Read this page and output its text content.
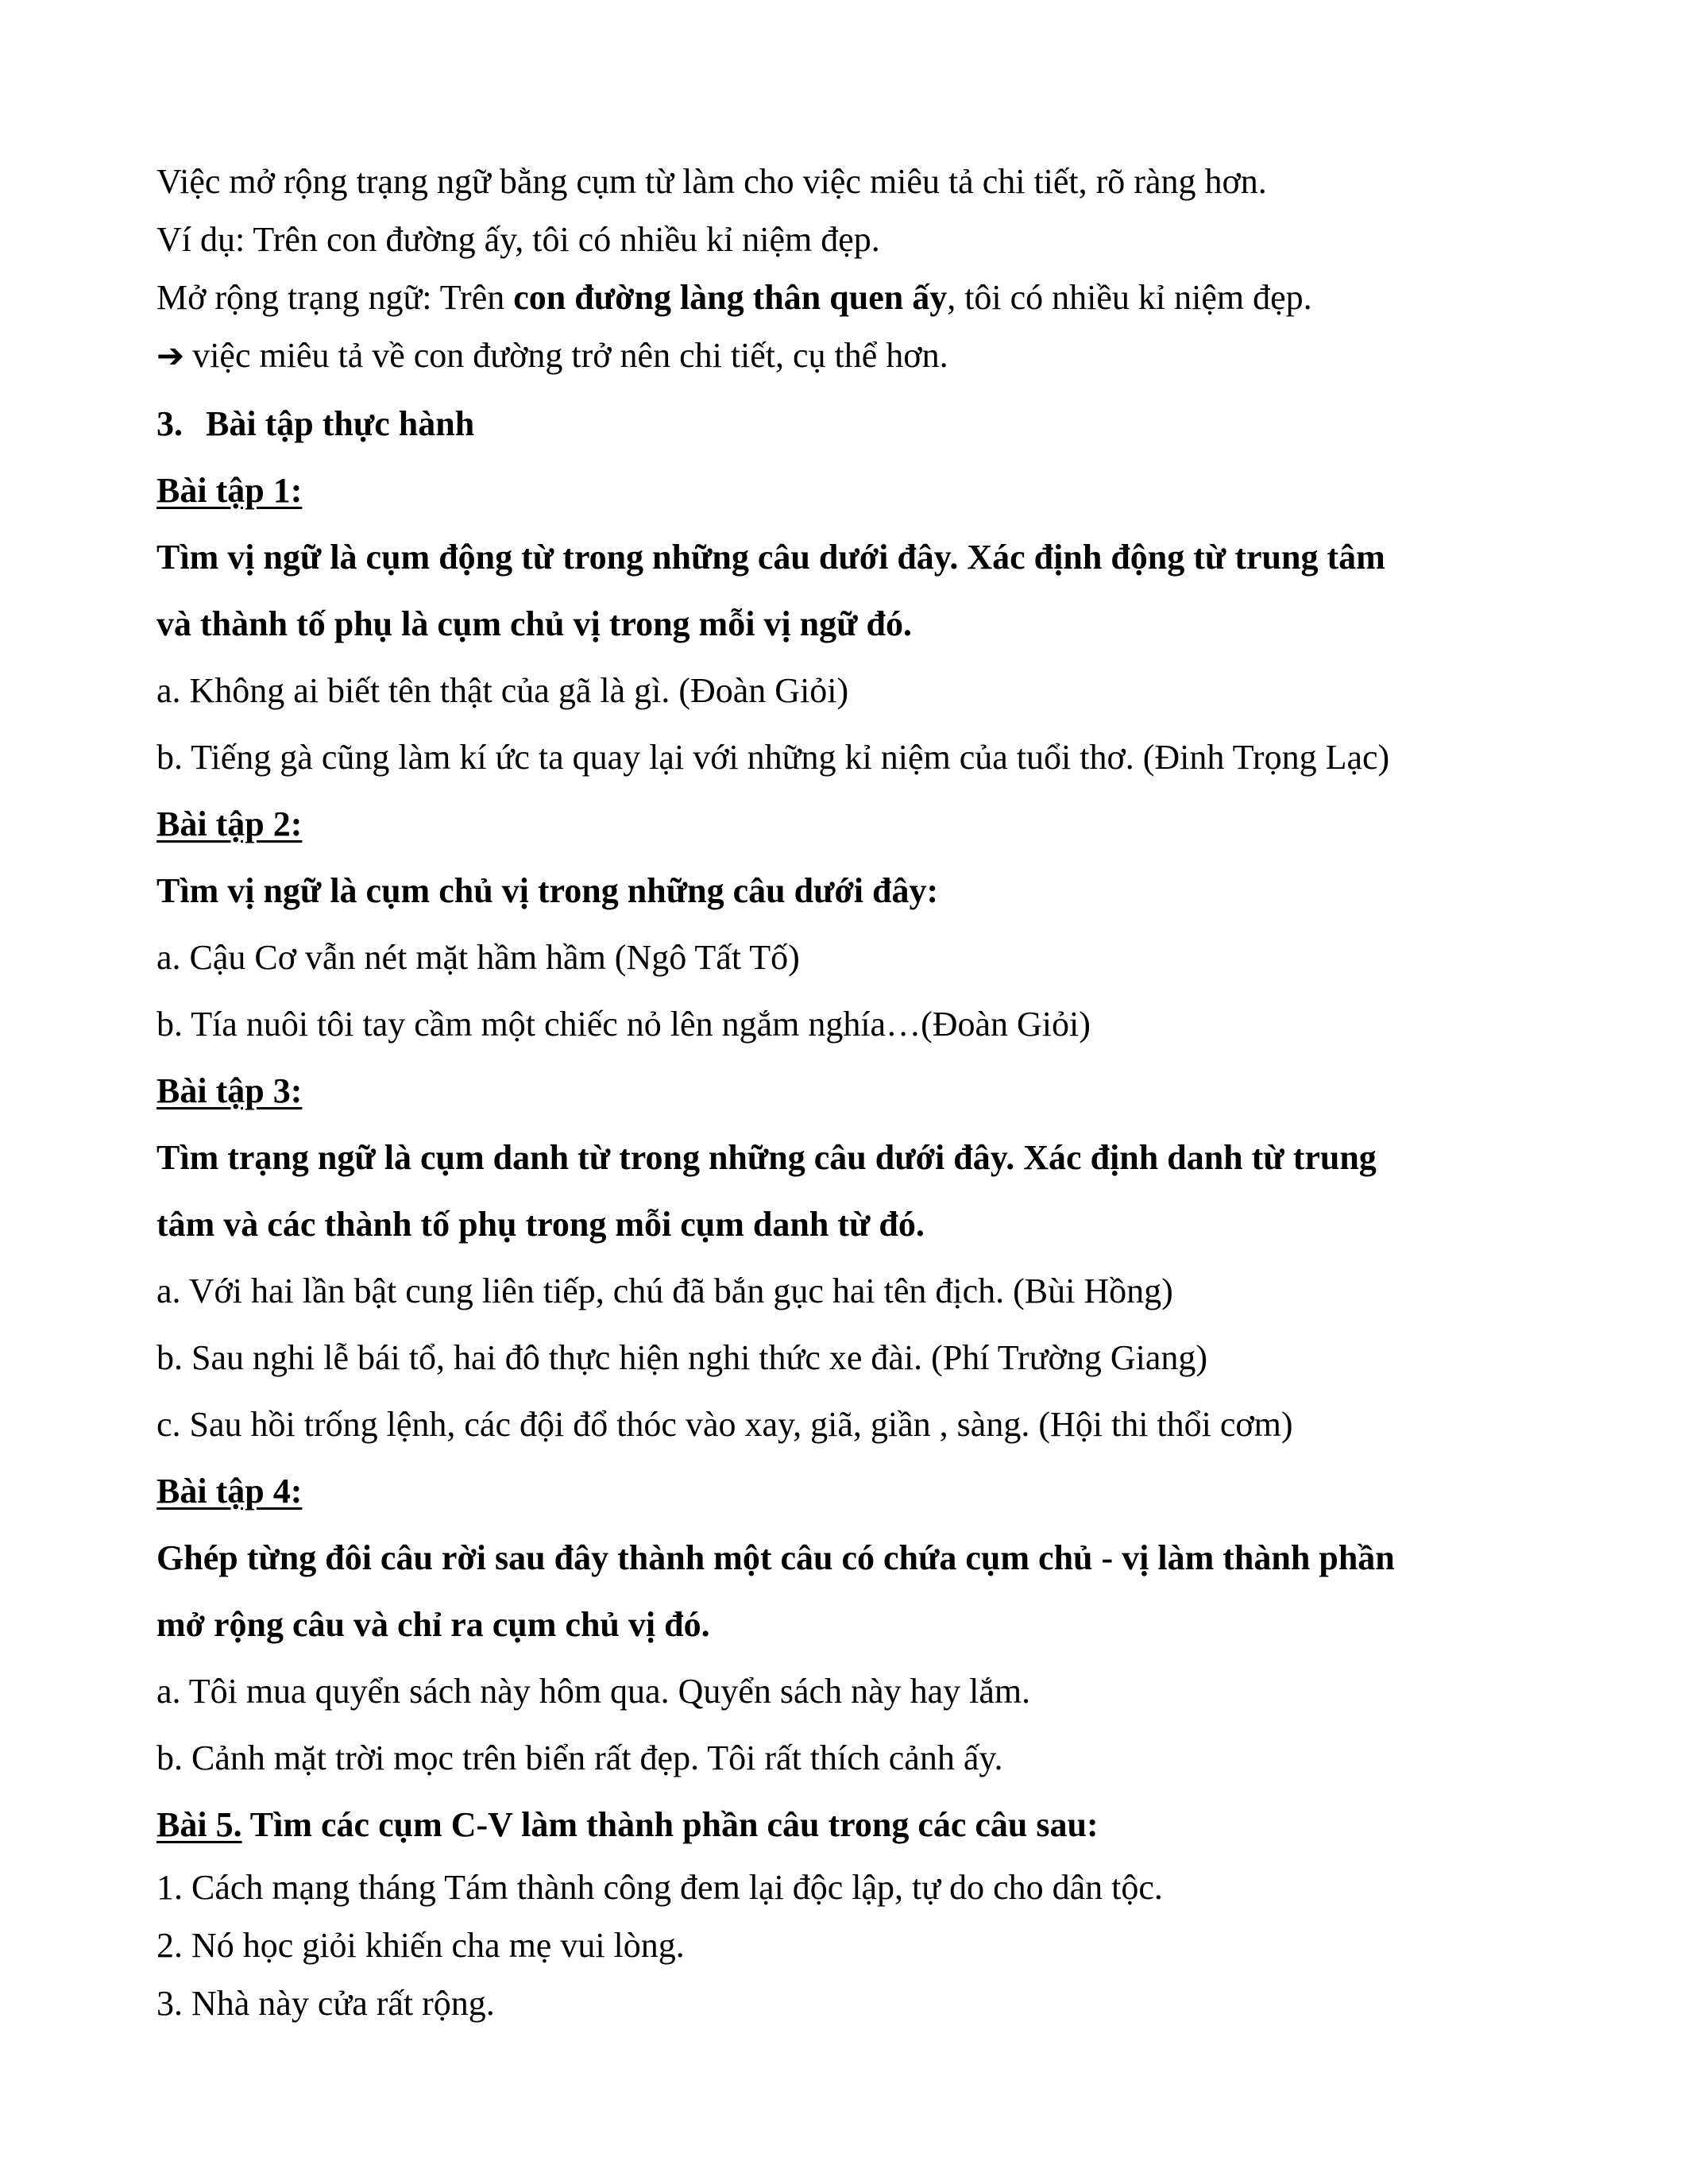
Việc mở rộng trạng ngữ bằng cụm từ làm cho việc miêu tả chi tiết, rõ ràng hơn.

Ví dụ: Trên con đường ấy, tôi có nhiều kỉ niệm đẹp.

Mở rộng trạng ngữ: Trên con đường làng thân quen ấy, tôi có nhiều kỉ niệm đẹp.

➔ việc miêu tả về con đường trở nên chi tiết, cụ thể hơn.

3. Bài tập thực hành

Bài tập 1:

Tìm vị ngữ là cụm động từ trong những câu dưới đây. Xác định động từ trung tâm

và thành tố phụ là cụm chủ vị trong mỗi vị ngữ đó.

a. Không ai biết tên thật của gã là gì. (Đoàn Giỏi)

b. Tiếng gà cũng làm kí ức ta quay lại với những kỉ niệm của tuổi thơ. (Đinh Trọng Lạc)

Bài tập 2:

Tìm vị ngữ là cụm chủ vị trong những câu dưới đây:

a. Cậu Cơ vẫn nét mặt hầm hầm (Ngô Tất Tố)

b. Tía nuôi tôi tay cầm một chiếc nỏ lên ngắm nghía…(Đoàn Giỏi)

Bài tập 3:

Tìm trạng ngữ là cụm danh từ trong những câu dưới đây. Xác định danh từ trung

tâm và các thành tố phụ trong mỗi cụm danh từ đó.

a. Với hai lần bật cung liên tiếp, chú đã bắn gục hai tên địch. (Bùi Hồng)

b. Sau nghi lễ bái tổ, hai đô thực hiện nghi thức xe đài. (Phí Trường Giang)

c. Sau hồi trống lệnh, các đội đổ thóc vào xay, giã, giần , sàng. (Hội thi thổi cơm)

Bài tập 4:

Ghép từng đôi câu rời sau đây thành một câu có chứa cụm chủ - vị làm thành phần

mở rộng câu và chỉ ra cụm chủ vị đó.

a. Tôi mua quyển sách này hôm qua. Quyển sách này hay lắm.

b. Cảnh mặt trời mọc trên biển rất đẹp. Tôi rất thích cảnh ấy.

Bài 5. Tìm các cụm C-V làm thành phần câu trong các câu sau:

1. Cách mạng tháng Tám thành công đem lại độc lập, tự do cho dân tộc.

2. Nó học giỏi khiến cha mẹ vui lòng.

3. Nhà này cửa rất rộng.
